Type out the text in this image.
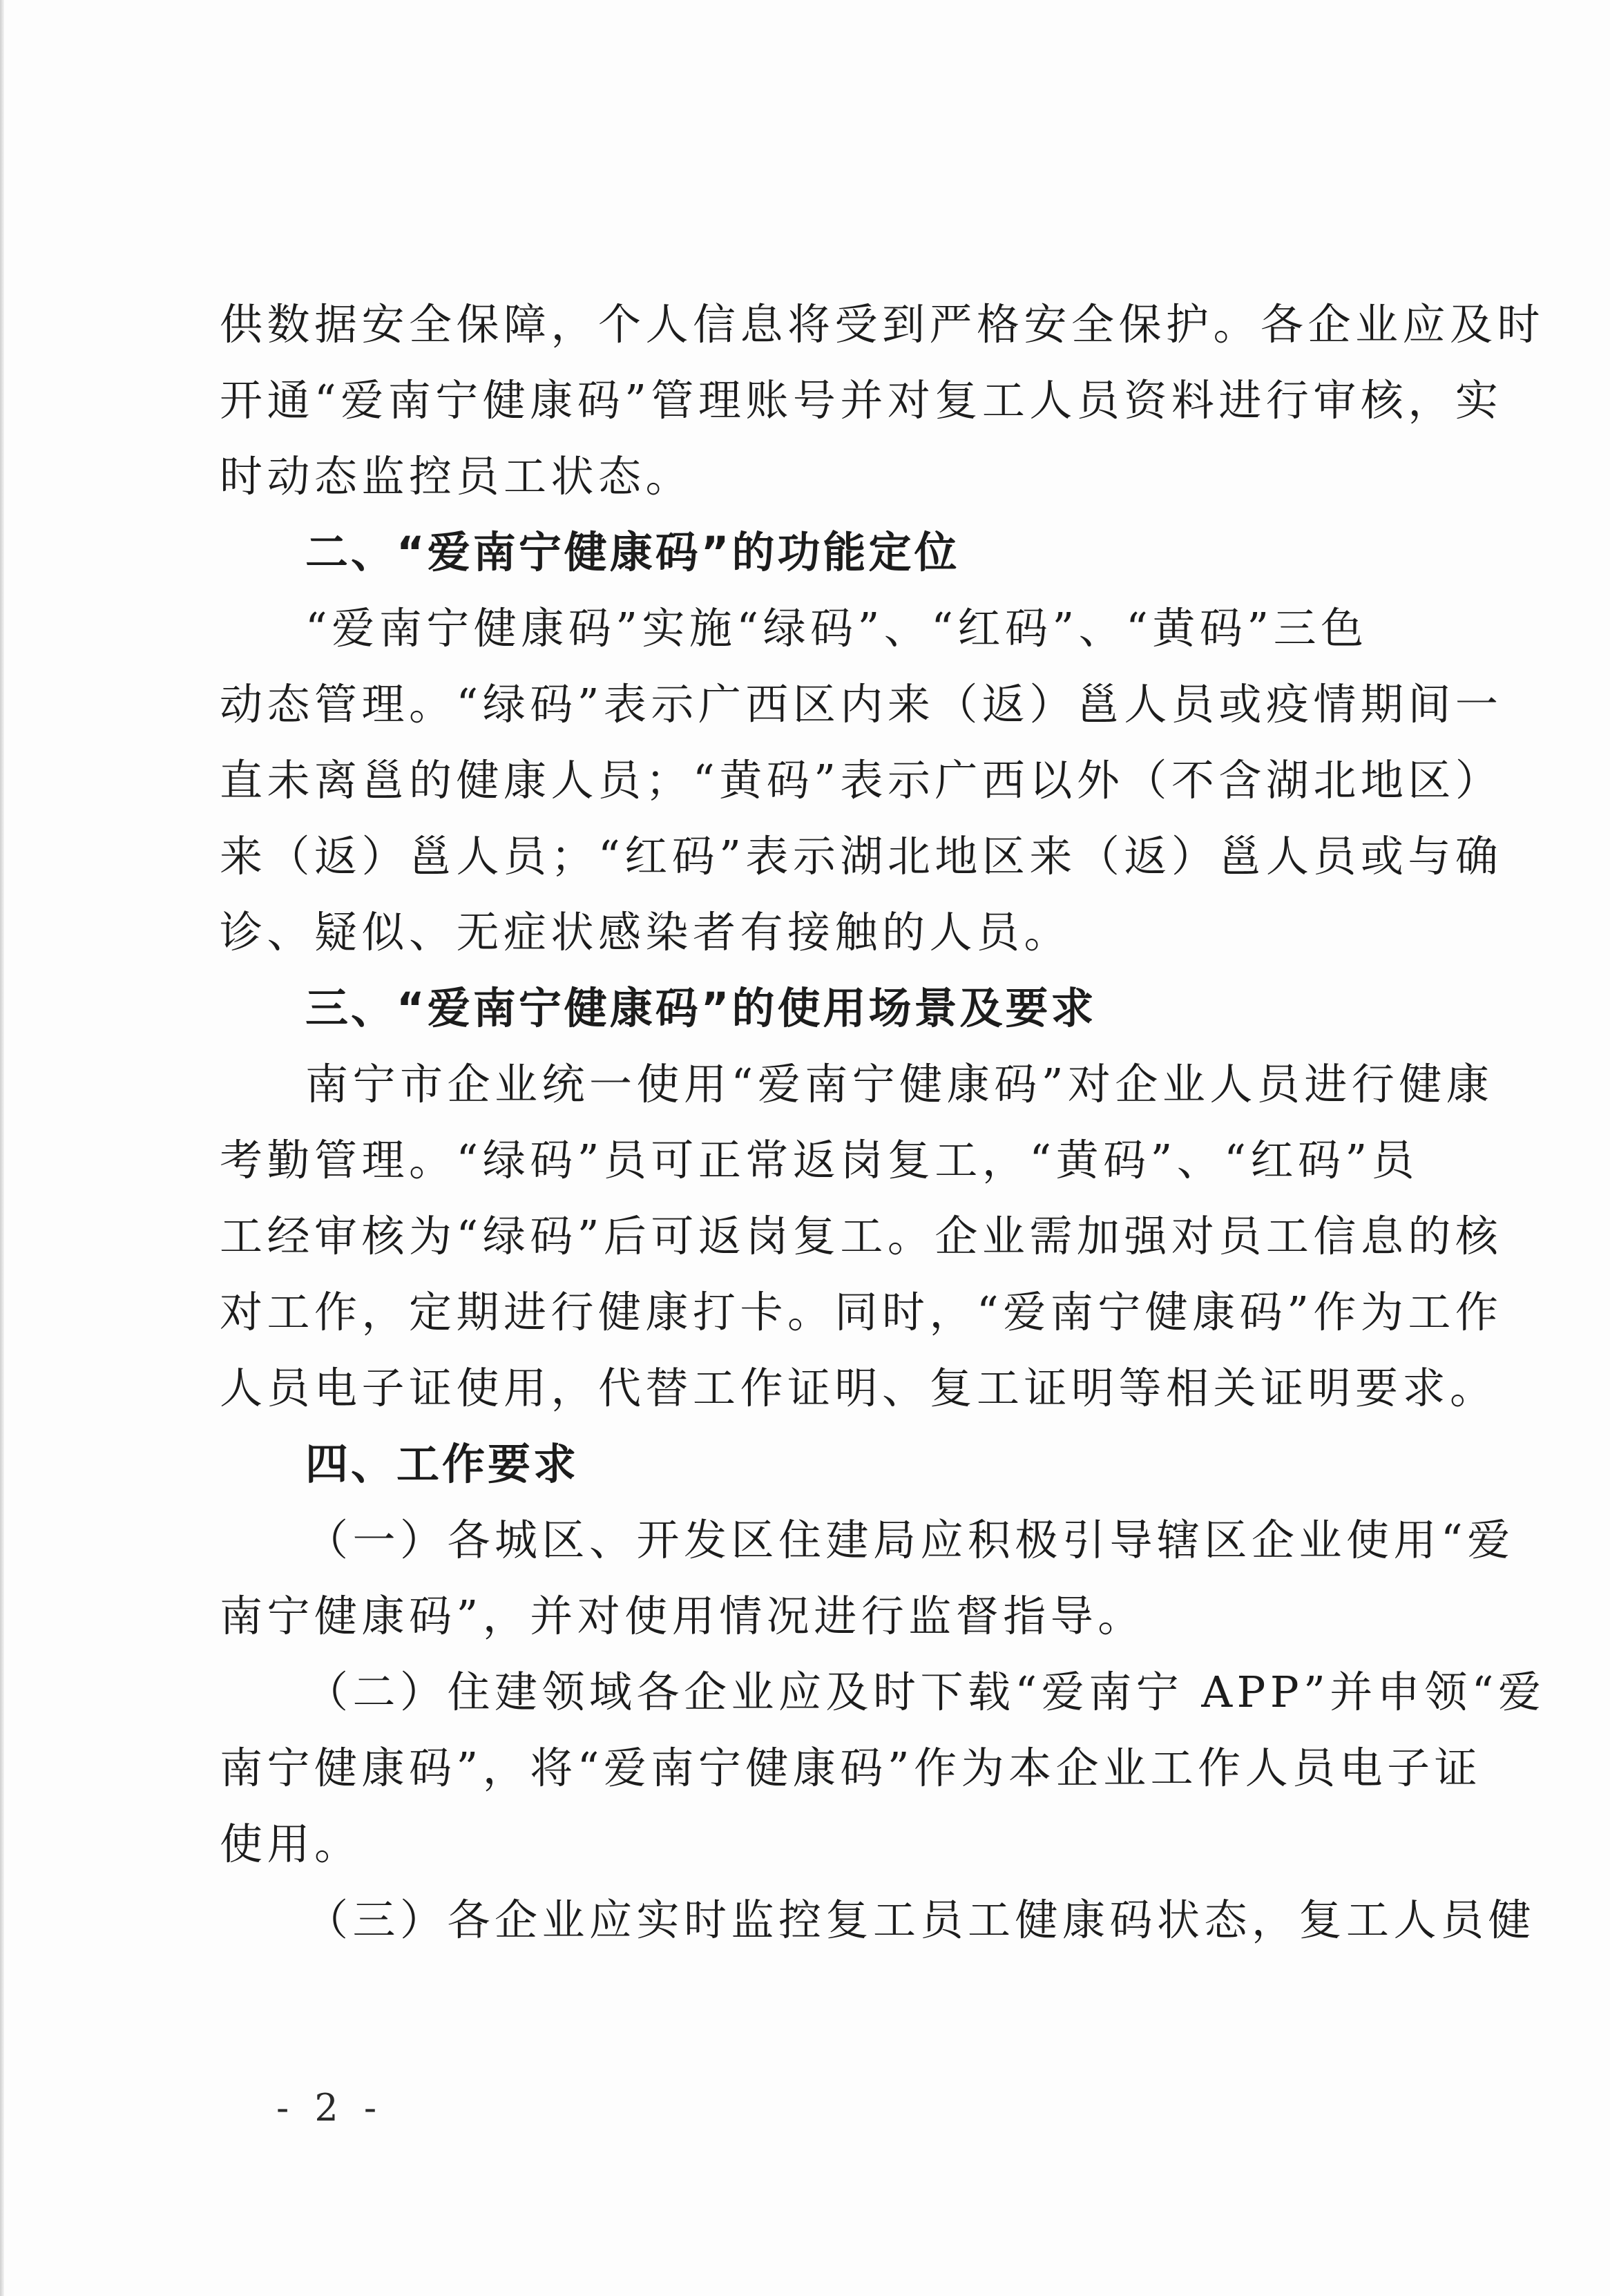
供数据安全保障，个人信息将受到严格安全保护。各企业应及时
开通“爱南宁健康码”管理账号并对复工人员资料进行审核，实
时动态监控员工状态。
二、“爱南宁健康码”的功能定位
“爱南宁健康码”实施“绿码”、“红码”、“黄码”三色
动态管理。“绿码”表示广西区内来（返）邕人员或疫情期间一
直未离邕的健康人员；“黄码”表示广西以外（不含湖北地区）
来（返）邕人员；“红码”表示湖北地区来（返）邕人员或与确
诊、疑似、无症状感染者有接触的人员。
三、“爱南宁健康码”的使用场景及要求
南宁市企业统一使用“爱南宁健康码”对企业人员进行健康
考勤管理。“绿码”员可正常返岗复工，“黄码”、“红码”员
工经审核为“绿码”后可返岗复工。企业需加强对员工信息的核
对工作，定期进行健康打卡。同时，“爱南宁健康码”作为工作
人员电子证使用，代替工作证明、复工证明等相关证明要求。
四、工作要求
（一）各城区、开发区住建局应积极引导辖区企业使用“爱
南宁健康码”，并对使用情况进行监督指导。
（二）住建领域各企业应及时下载“爱南宁 APP”并申领“爱
南宁健康码”，将“爱南宁健康码”作为本企业工作人员电子证
使用。
（三）各企业应实时监控复工员工健康码状态，复工人员健
- 2 -
